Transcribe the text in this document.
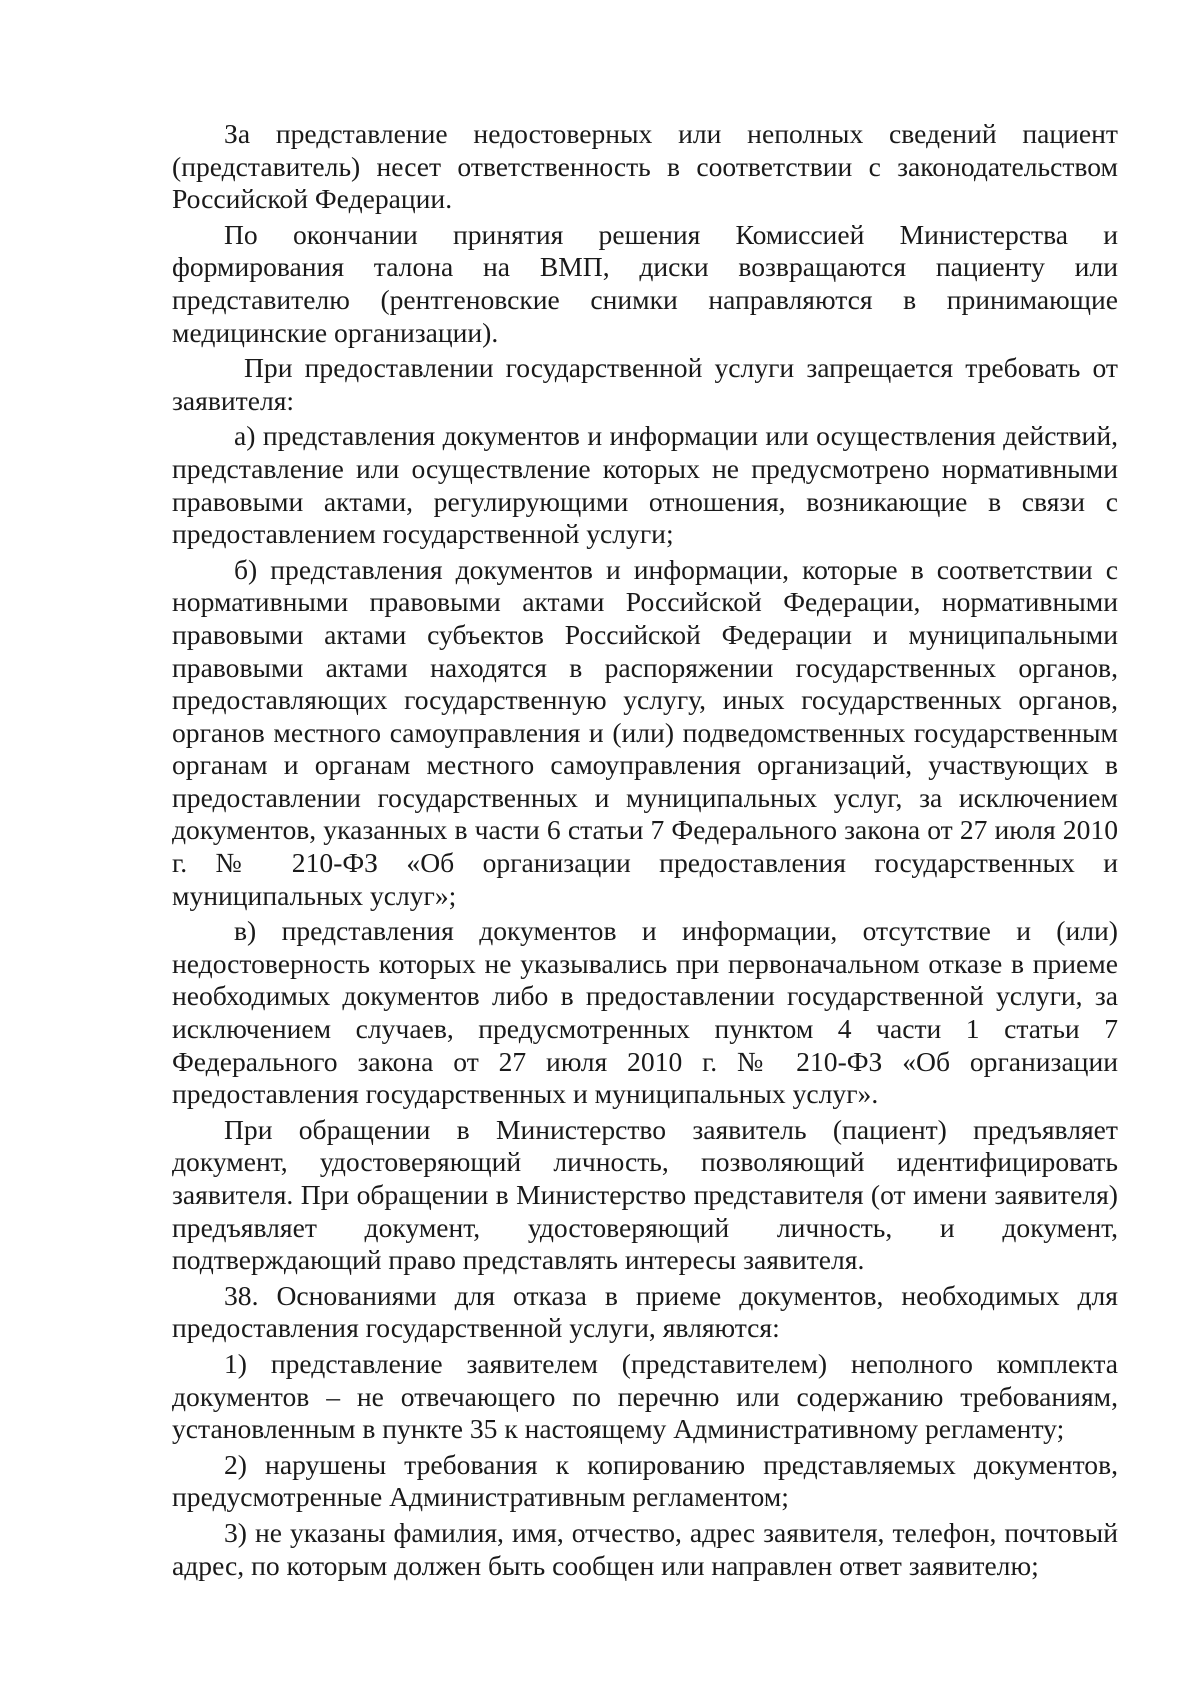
За представление недостоверных или неполных сведений пациент (представитель) несет ответственность в соответствии с законодательством Российской Федерации.

По окончании принятия решения Комиссией Министерства и формирования талона на ВМП, диски возвращаются пациенту или представителю (рентгеновские снимки направляются в принимающие медицинские организации).

При предоставлении государственной услуги запрещается требовать от заявителя:

а) представления документов и информации или осуществления действий, представление или осуществление которых не предусмотрено нормативными правовыми актами, регулирующими отношения, возникающие в связи с предоставлением государственной услуги;

б) представления документов и информации, которые в соответствии с нормативными правовыми актами Российской Федерации, нормативными правовыми актами субъектов Российской Федерации и муниципальными правовыми актами находятся в распоряжении государственных органов, предоставляющих государственную услугу, иных государственных органов, органов местного самоуправления и (или) подведомственных государственным органам и органам местного самоуправления организаций, участвующих в предоставлении государственных и муниципальных услуг, за исключением документов, указанных в части 6 статьи 7 Федерального закона от 27 июля 2010 г. № 210-ФЗ «Об организации предоставления государственных и муниципальных услуг»;

в) представления документов и информации, отсутствие и (или) недостоверность которых не указывались при первоначальном отказе в приеме необходимых документов либо в предоставлении государственной услуги, за исключением случаев, предусмотренных пунктом 4 части 1 статьи 7 Федерального закона от 27 июля 2010 г. № 210-ФЗ «Об организации предоставления государственных и муниципальных услуг».

При обращении в Министерство заявитель (пациент) предъявляет документ, удостоверяющий личность, позволяющий идентифицировать заявителя. При обращении в Министерство представителя (от имени заявителя) предъявляет документ, удостоверяющий личность, и документ, подтверждающий право представлять интересы заявителя.

38. Основаниями для отказа в приеме документов, необходимых для предоставления государственной услуги, являются:

1) представление заявителем (представителем) неполного комплекта документов – не отвечающего по перечню или содержанию требованиям, установленным в пункте 35 к настоящему Административному регламенту;

2) нарушены требования к копированию представляемых документов, предусмотренные Административным регламентом;

3) не указаны фамилия, имя, отчество, адрес заявителя, телефон, почтовый адрес, по которым должен быть сообщен или направлен ответ заявителю;
